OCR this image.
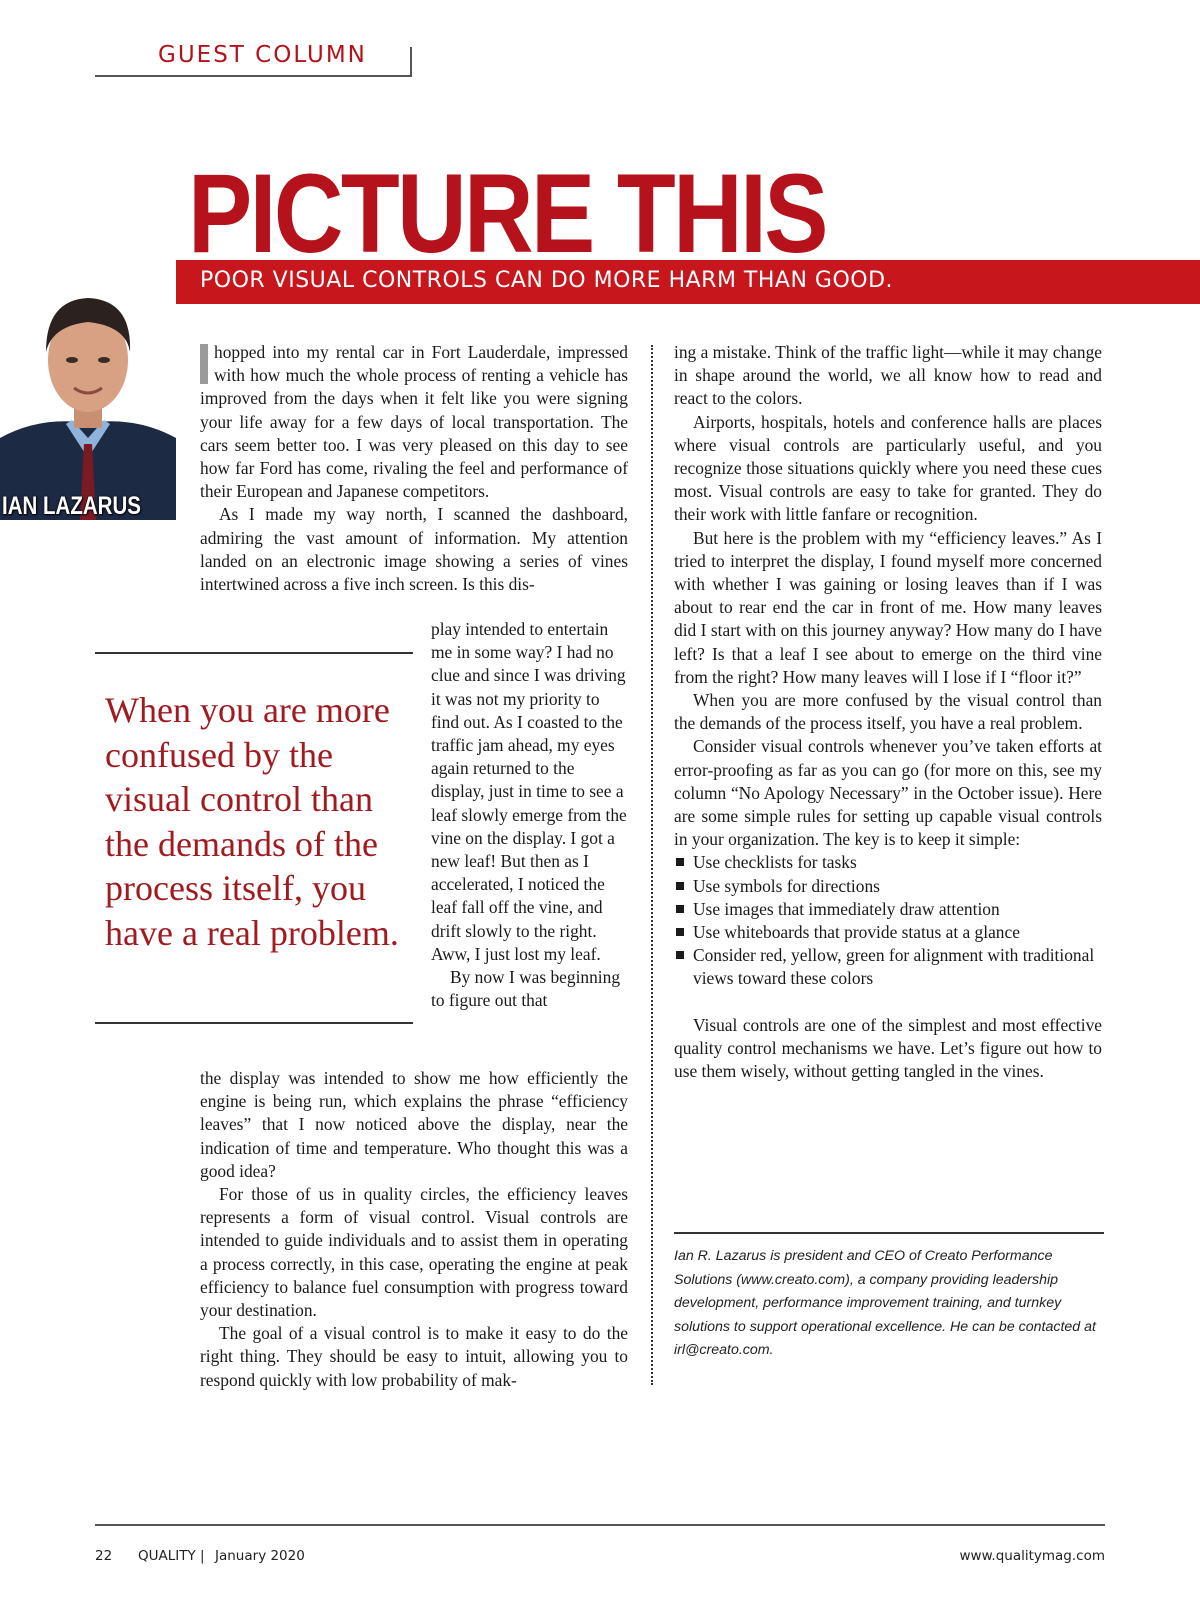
GUEST COLUMN
PICTURE THIS
POOR VISUAL CONTROLS CAN DO MORE HARM THAN GOOD.
IAN LAZARUS

hopped into my rental car in Fort Lauderdale, impressed with how much the whole process of renting a vehicle has improved from the days when it felt like you were signing your life away for a few days of local transportation. The cars seem better too. I was very pleased on this day to see how far Ford has come, rivaling the feel and performance of their European and Japanese competitors.

As I made my way north, I scanned the dashboard, admiring the vast amount of information. My attention landed on an electronic image showing a series of vines intertwined across a five inch screen. Is this dis-

When you are more confused by the visual control than the demands of the process itself, you have a real problem.

play intended to entertain me in some way? I had no clue and since I was driving it was not my priority to find out. As I coasted to the traffic jam ahead, my eyes again returned to the display, just in time to see a leaf slowly emerge from the vine on the display. I got a new leaf! But then as I accelerated, I noticed the leaf fall off the vine, and drift slowly to the right. Aww, I just lost my leaf.

By now I was beginning to figure out that

the display was intended to show me how efficiently the engine is being run, which explains the phrase “efficiency leaves” that I now noticed above the display, near the indication of time and temperature. Who thought this was a good idea?

For those of us in quality circles, the efficiency leaves represents a form of visual control. Visual controls are intended to guide individuals and to assist them in operating a process correctly, in this case, operating the engine at peak efficiency to balance fuel consumption with progress toward your destination.

The goal of a visual control is to make it easy to do the right thing. They should be easy to intuit, allowing you to respond quickly with low probability of mak-

ing a mistake. Think of the traffic light—while it may change in shape around the world, we all know how to read and react to the colors.

Airports, hospitals, hotels and conference halls are places where visual controls are particularly useful, and you recognize those situations quickly where you need these cues most. Visual controls are easy to take for granted. They do their work with little fanfare or recognition.

But here is the problem with my “efficiency leaves.” As I tried to interpret the display, I found myself more concerned with whether I was gaining or losing leaves than if I was about to rear end the car in front of me. How many leaves did I start with on this journey anyway? How many do I have left? Is that a leaf I see about to emerge on the third vine from the right? How many leaves will I lose if I “floor it?”

When you are more confused by the visual control than the demands of the process itself, you have a real problem.

Consider visual controls whenever you’ve taken efforts at error-proofing as far as you can go (for more on this, see my column “No Apology Necessary” in the October issue). Here are some simple rules for setting up capable visual controls in your organization. The key is to keep it simple:

Use checklists for tasks
Use symbols for directions
Use images that immediately draw attention
Use whiteboards that provide status at a glance
Consider red, yellow, green for alignment with traditional views toward these colors

Visual controls are one of the simplest and most effective quality control mechanisms we have. Let’s figure out how to use them wisely, without getting tangled in the vines.

Ian R. Lazarus is president and CEO of Creato Performance Solutions (www.creato.com), a company providing leadership development, performance improvement training, and turnkey solutions to support operational excellence. He can be contacted at irl@creato.com.
22 QUALITY | January 2020	www.qualitymag.com
